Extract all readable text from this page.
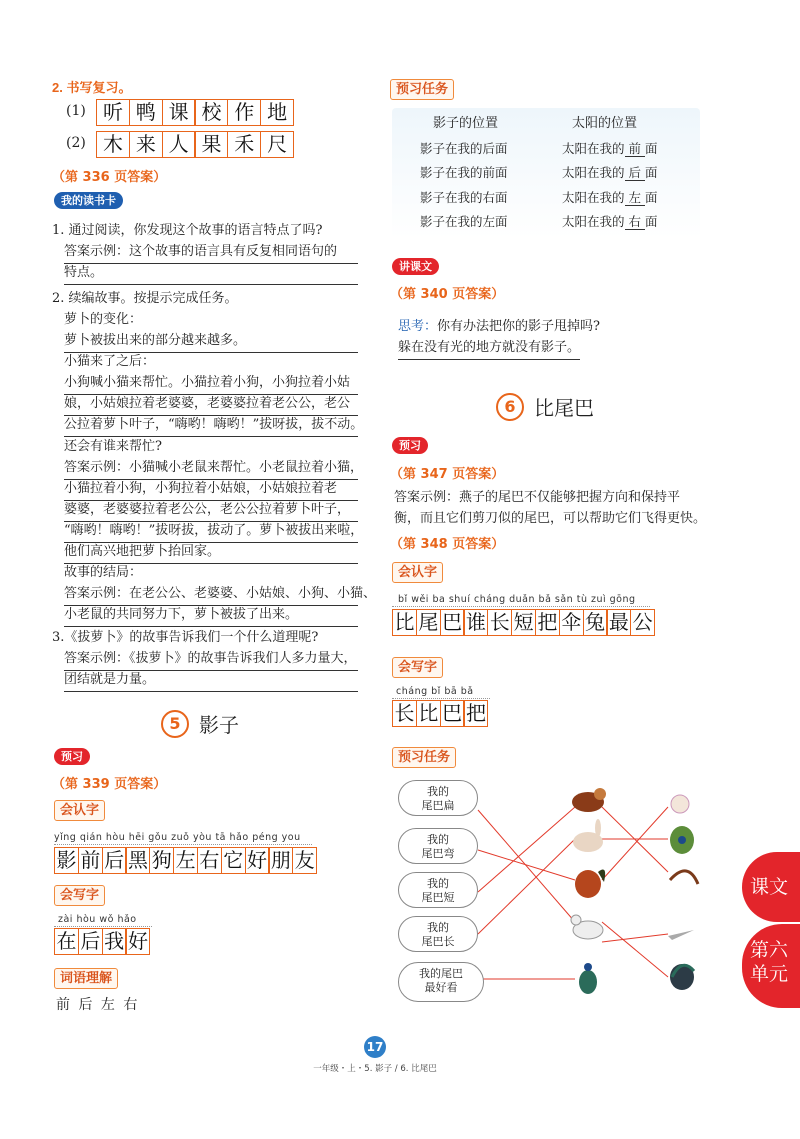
2. 书写复习。
(1) 听 鸭 课 校 作 地
(2) 木 来 人 果 禾 尺
（第 336 页答案）
我的读书卡
1. 通过阅读，你发现这个故事的语言特点了吗?
答案示例：这个故事的语言具有反复相同语句的
特点。
2. 续编故事。按提示完成任务。
萝卜的变化：
萝卜被拔出来的部分越来越多。
小猫来了之后：
小狗喊小猫来帮忙。小猫拉着小狗，小狗拉着小姑
娘，小姑娘拉着老婆婆，老婆婆拉着老公公，老公
公拉着萝卜叶子，“嗨哟！嗨哟！”拔呀拔，拔不动。
还会有谁来帮忙?
答案示例：小猫喊小老鼠来帮忙。小老鼠拉着小猫，
小猫拉着小狗，小狗拉着小姑娘，小姑娘拉着老
婆婆，老婆婆拉着老公公，老公公拉着萝卜叶子，
“嗨哟！嗨哟！”拔呀拔，拔动了。萝卜被拔出来啦，
他们高兴地把萝卜抬回家。
故事的结局：
答案示例：在老公公、老婆婆、小姑娘、小狗、小猫、
小老鼠的共同努力下，萝卜被拔了出来。
3.《拔萝卜》的故事告诉我们一个什么道理呢?
答案示例：《拔萝卜》的故事告诉我们人多力量大，
团结就是力量。
5 影子
预习
（第 339 页答案）
会认字
yǐng qián hòu hēi gǒu zuǒ yòu tā hǎo péng you
影 前 后 黑 狗 左 右 它 好 朋 友
会写字
zài hòu wǒ hǎo
在 后 我 好
词语理解
前 后 左 右
预习任务
影子的位置	太阳的位置
影子在我的后面	太阳在我的 前 面
影子在我的前面	太阳在我的 后 面
影子在我的右面	太阳在我的 左 面
影子在我的左面	太阳在我的 右 面
讲课文
（第 340 页答案）
思考：你有办法把你的影子甩掉吗?
躲在没有光的地方就没有影子。
6 比尾巴
预习
（第 347 页答案）
答案示例：燕子的尾巴不仅能够把握方向和保持平
衡，而且它们剪刀似的尾巴，可以帮助它们飞得更快。
（第 348 页答案）
会认字
bǐ wěi ba shuí cháng duǎn bǎ sǎn tù zuì gōng
比 尾 巴 谁 长 短 把 伞 兔 最 公
会写字
cháng bǐ bā bǎ
长 比 巴 把
预习任务
我的
尾巴扁
我的
尾巴弯
我的
尾巴短
我的
尾巴长
我的尾巴
最好看
课文
第六
单元
17
一年级・上・5. 影子 / 6. 比尾巴
